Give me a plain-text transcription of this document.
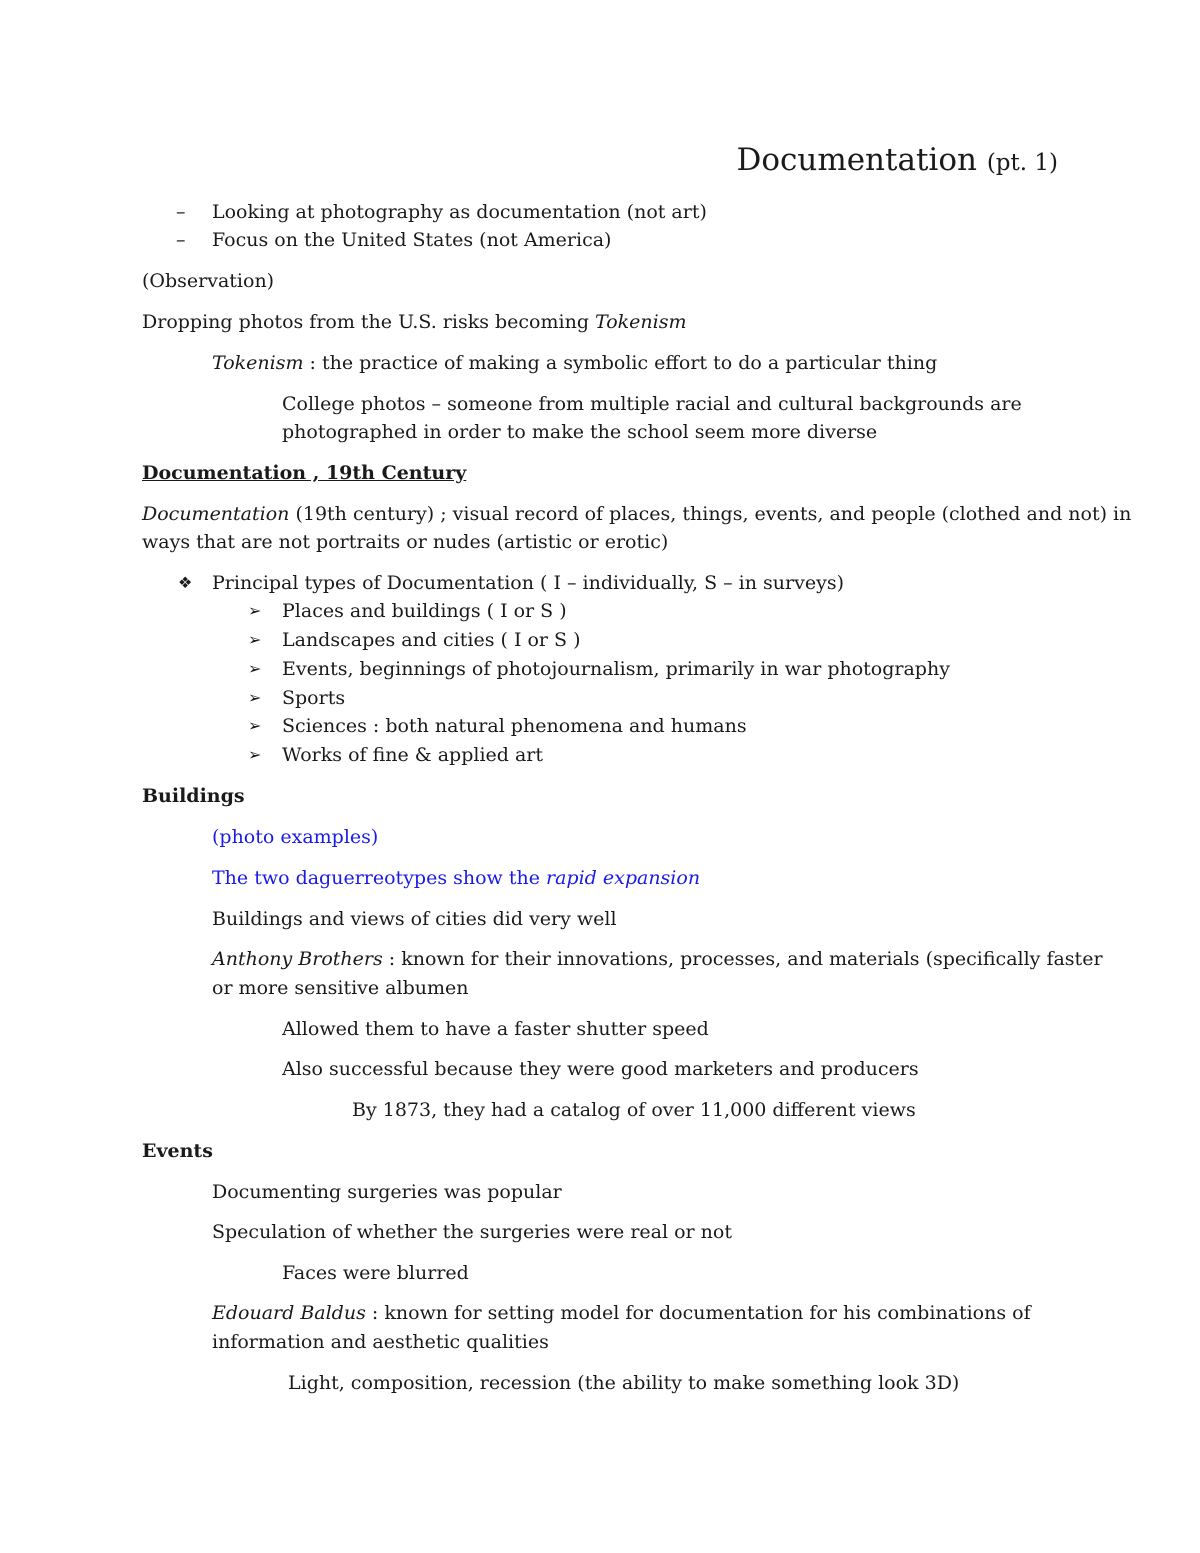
Documentation (pt. 1)
– Looking at photography as documentation (not art)
– Focus on the United States (not America)
(Observation)
Dropping photos from the U.S. risks becoming Tokenism
Tokenism : the practice of making a symbolic effort to do a particular thing
College photos – someone from multiple racial and cultural backgrounds are
photographed in order to make the school seem more diverse
Documentation , 19th Century
Documentation (19th century) ; visual record of places, things, events, and people (clothed and not) in
ways that are not portraits or nudes (artistic or erotic)
❖ Principal types of Documentation ( I – individually, S – in surveys)
➢ Places and buildings ( I or S )
➢ Landscapes and cities ( I or S )
➢ Events, beginnings of photojournalism, primarily in war photography
➢ Sports
➢ Sciences : both natural phenomena and humans
➢ Works of fine & applied art
Buildings
(photo examples)
The two daguerreotypes show the rapid expansion
Buildings and views of cities did very well
Anthony Brothers : known for their innovations, processes, and materials (specifically faster
or more sensitive albumen
Allowed them to have a faster shutter speed
Also successful because they were good marketers and producers
By 1873, they had a catalog of over 11,000 different views
Events
Documenting surgeries was popular
Speculation of whether the surgeries were real or not
Faces were blurred
Edouard Baldus : known for setting model for documentation for his combinations of
information and aesthetic qualities
Light, composition, recession (the ability to make something look 3D)
